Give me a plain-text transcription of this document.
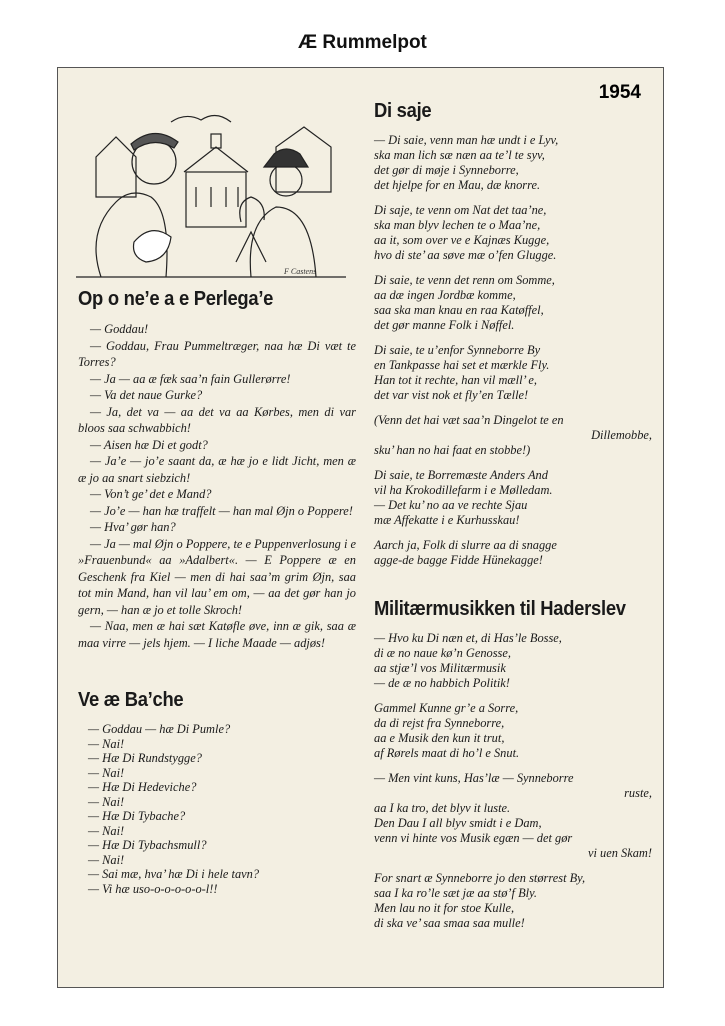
Æ Rummelpot
1954
F Castens
Op o ne’e a e Perlega’e

— Goddau!

— Goddau, Frau Pummeltræger, naa hæ Di væt te Torres?

— Ja — aa æ fæk saa’n fain Gullerørre!

— Va det naue Gurke?

— Ja, det va — aa det va aa Kørbes, men di var bloos saa schwabbich!

— Aisen hæ Di et godt?

— Ja’e — jo’e saant da, æ hæ jo e lidt Jicht, men æ æ jo aa snart siebzich!

— Von’t ge’ det e Mand?

— Jo’e — han hæ traffelt — han mal Øjn o Poppere!

— Hva’ gør han?

— Ja — mal Øjn o Poppere, te e Puppenverlosung i e »Frauenbund« aa »Adalbert«. — E Poppere æ en Geschenk fra Kiel — men di hai saa’m grim Øjn, saa tot min Mand, han vil lau’ em om, — aa det gør han jo gern, — han æ jo et tolle Skroch!

— Naa, men æ hai sæt Katøfle øve, inn æ gik, saa æ maa virre — jels hjem. — I liche Maade — adjøs!

Ve æ Ba’che
— Goddau — hæ Di Pumle?
— Nai!
— Hæ Di Rundstygge?
— Nai!
— Hæ Di Hedeviche?
— Nai!
— Hæ Di Tybache?
— Nai!
— Hæ Di Tybachsmull?
— Nai!
— Sai mæ, hva’ hæ Di i hele tavn?
— Vi hæ uso-o-o-o-o-o-l!!
Di saje
— Di saie, venn man hæ undt i e Lyv,
ska man lich sæ næn aa te’l te syv,
det gør di møje i Synneborre,
det hjelpe for en Mau, dæ knorre.
Di saje, te venn om Nat det taa’ne,
ska man blyv lechen te o Maa’ne,
aa it, som over ve e Kajnæs Kugge,
hvo di ste’ aa søve mæ o’fen Glugge.
Di saie, te venn det renn om Somme,
aa dæ ingen Jordbæ komme,
saa ska man knau en raa Katøffel,
det gør manne Folk i Nøffel.
Di saie, te u’enfor Synneborre By
en Tankpasse hai set et mærkle Fly.
Han tot it rechte, han vil mæll’ e,
det var vist nok et fly’en Tælle!
(Venn det hai væt saa’n Dingelot te en
Dillemobbe,
sku’ han no hai faat en stobbe!)
Di saie, te Borremæste Anders And
vil ha Krokodillefarm i e Mølledam.
— Det ku’ no aa ve rechte Sjau
mæ Affekatte i e Kurhusskau!
Aarch ja, Folk di slurre aa di snagge
agge-de bagge Fidde Hünekagge!
Militærmusikken til Haderslev
— Hvo ku Di næn et, di Has’le Bosse,
di æ no naue kø’n Genosse,
aa stjæ’l vos Militærmusik
— de æ no habbich Politik!
Gammel Kunne gr’e a Sorre,
da di rejst fra Synneborre,
aa e Musik den kun it trut,
af Rørels maat di ho’l e Snut.
— Men vint kuns, Has’læ — Synneborre
ruste,
aa I ka tro, det blyv it luste.
Den Dau I all blyv smidt i e Dam,
venn vi hinte vos Musik egæn — det gør
vi uen Skam!
For snart æ Synneborre jo den størrest By,
saa I ka ro’le sæt jæ aa stø’f Bly.
Men lau no it for stoe Kulle,
di ska ve’ saa smaa saa mulle!
